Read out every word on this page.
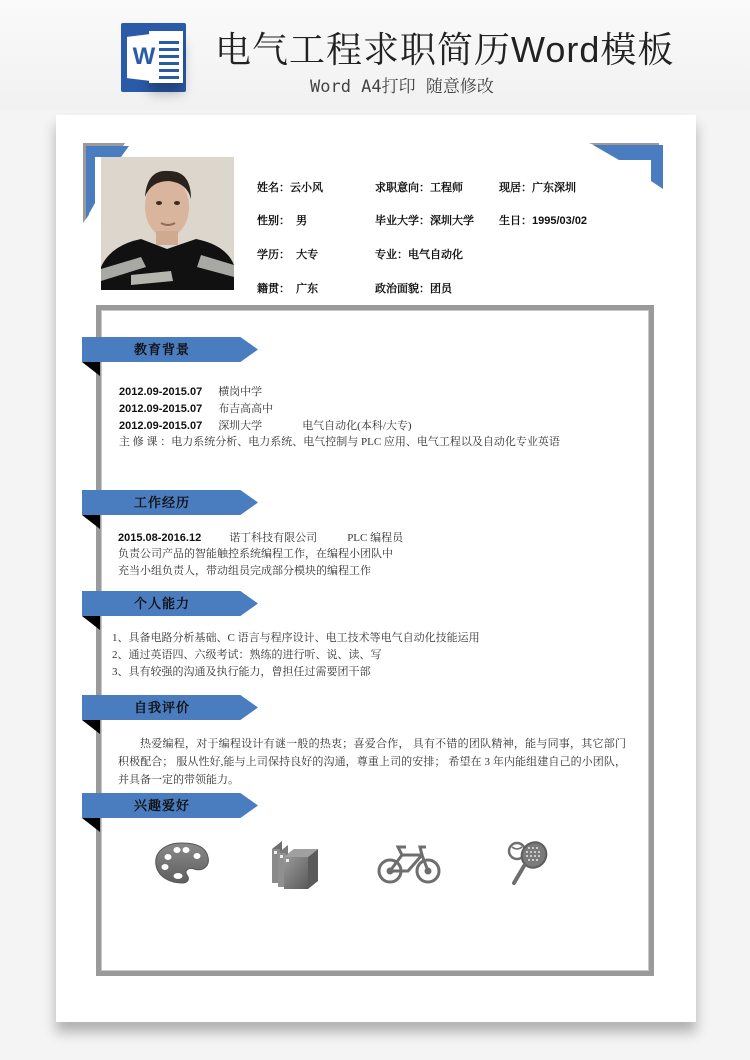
W 电气工程求职简历Word模板
Word A4打印 随意修改
姓名：云小风	求职意向：工程师	现居：广东深圳
性别： 男	毕业大学：深圳大学 生日：1995/03/02
学历： 大专	专业：电气自动化
籍贯： 广东	政治面貌：团员
教育背景
2012.09-2015.07 横岗中学
2012.09-2015.07 布吉高高中
2012.09-2015.07 深圳大学	电气自动化(本科/大专)
主 修 课 ：电力系统分析、电力系统、电气控制与 PLC 应用、电气工程以及自动化专业英语
工作经历
2015.08-2016.12	诺丁科技有限公司	PLC 编程员
负责公司产品的智能触控系统编程工作，在编程小团队中
充当小组负责人，带动组员完成部分模块的编程工作
个人能力
1、具备电路分析基础、C 语言与程序设计、电工技术等电气自动化技能运用
2、通过英语四、六级考试：熟练的进行听、说、读、写
3、具有较强的沟通及执行能力，曾担任过需要团干部
自我评价
热爱编程，对于编程设计有谜一般的热衷；喜爱合作， 具有不错的团队精神，能与同事，其它部门积极配合； 服从性好,能与上司保持良好的沟通，尊重上司的安排； 希望在 3 年内能组建自己的小团队，并具备一定的带领能力。
兴趣爱好
